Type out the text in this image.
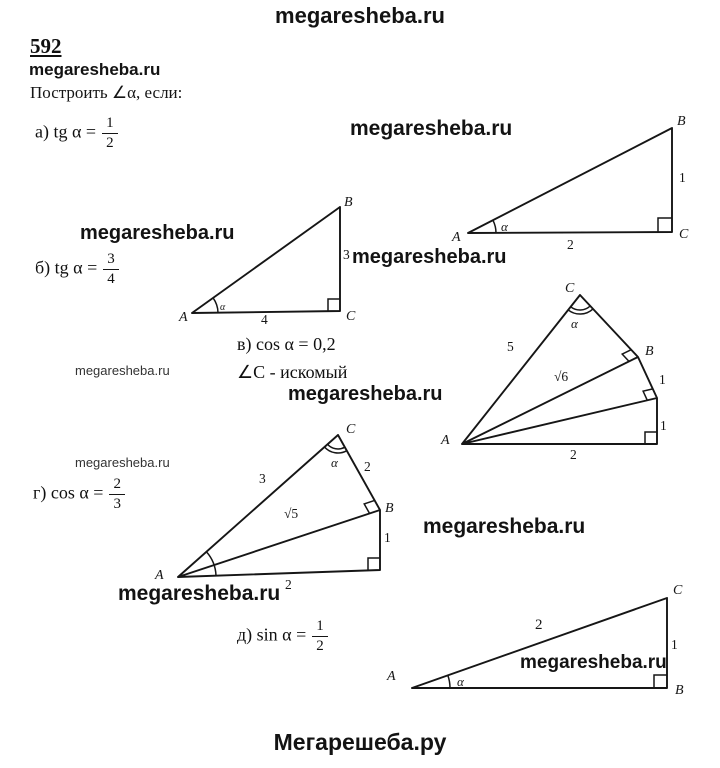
megaresheba.ru
592
megaresheba.ru
Построить ∠α, если:
а) tg $\alpha = \frac{1}{2}$
A
B
C
α
1
2
megaresheba.ru
megaresheba.ru
б) tg $\alpha = \frac{3}{4}$
A
B
C
α
3
4
megaresheba.ru
в) cos α = 0,2
∠C - искомый
megaresheba.ru
megaresheba.ru
C
α
5
√6
B
1
1
A
2
megaresheba.ru
г) $\cos \alpha = \frac{2}{3}$
C
α
3
2
B
√5
1
A
2
megaresheba.ru
megaresheba.ru
д) $\sin \alpha = \frac{1}{2}$
A
C
B
α
2
1
megaresheba.ru
Мегарешеба.ру
